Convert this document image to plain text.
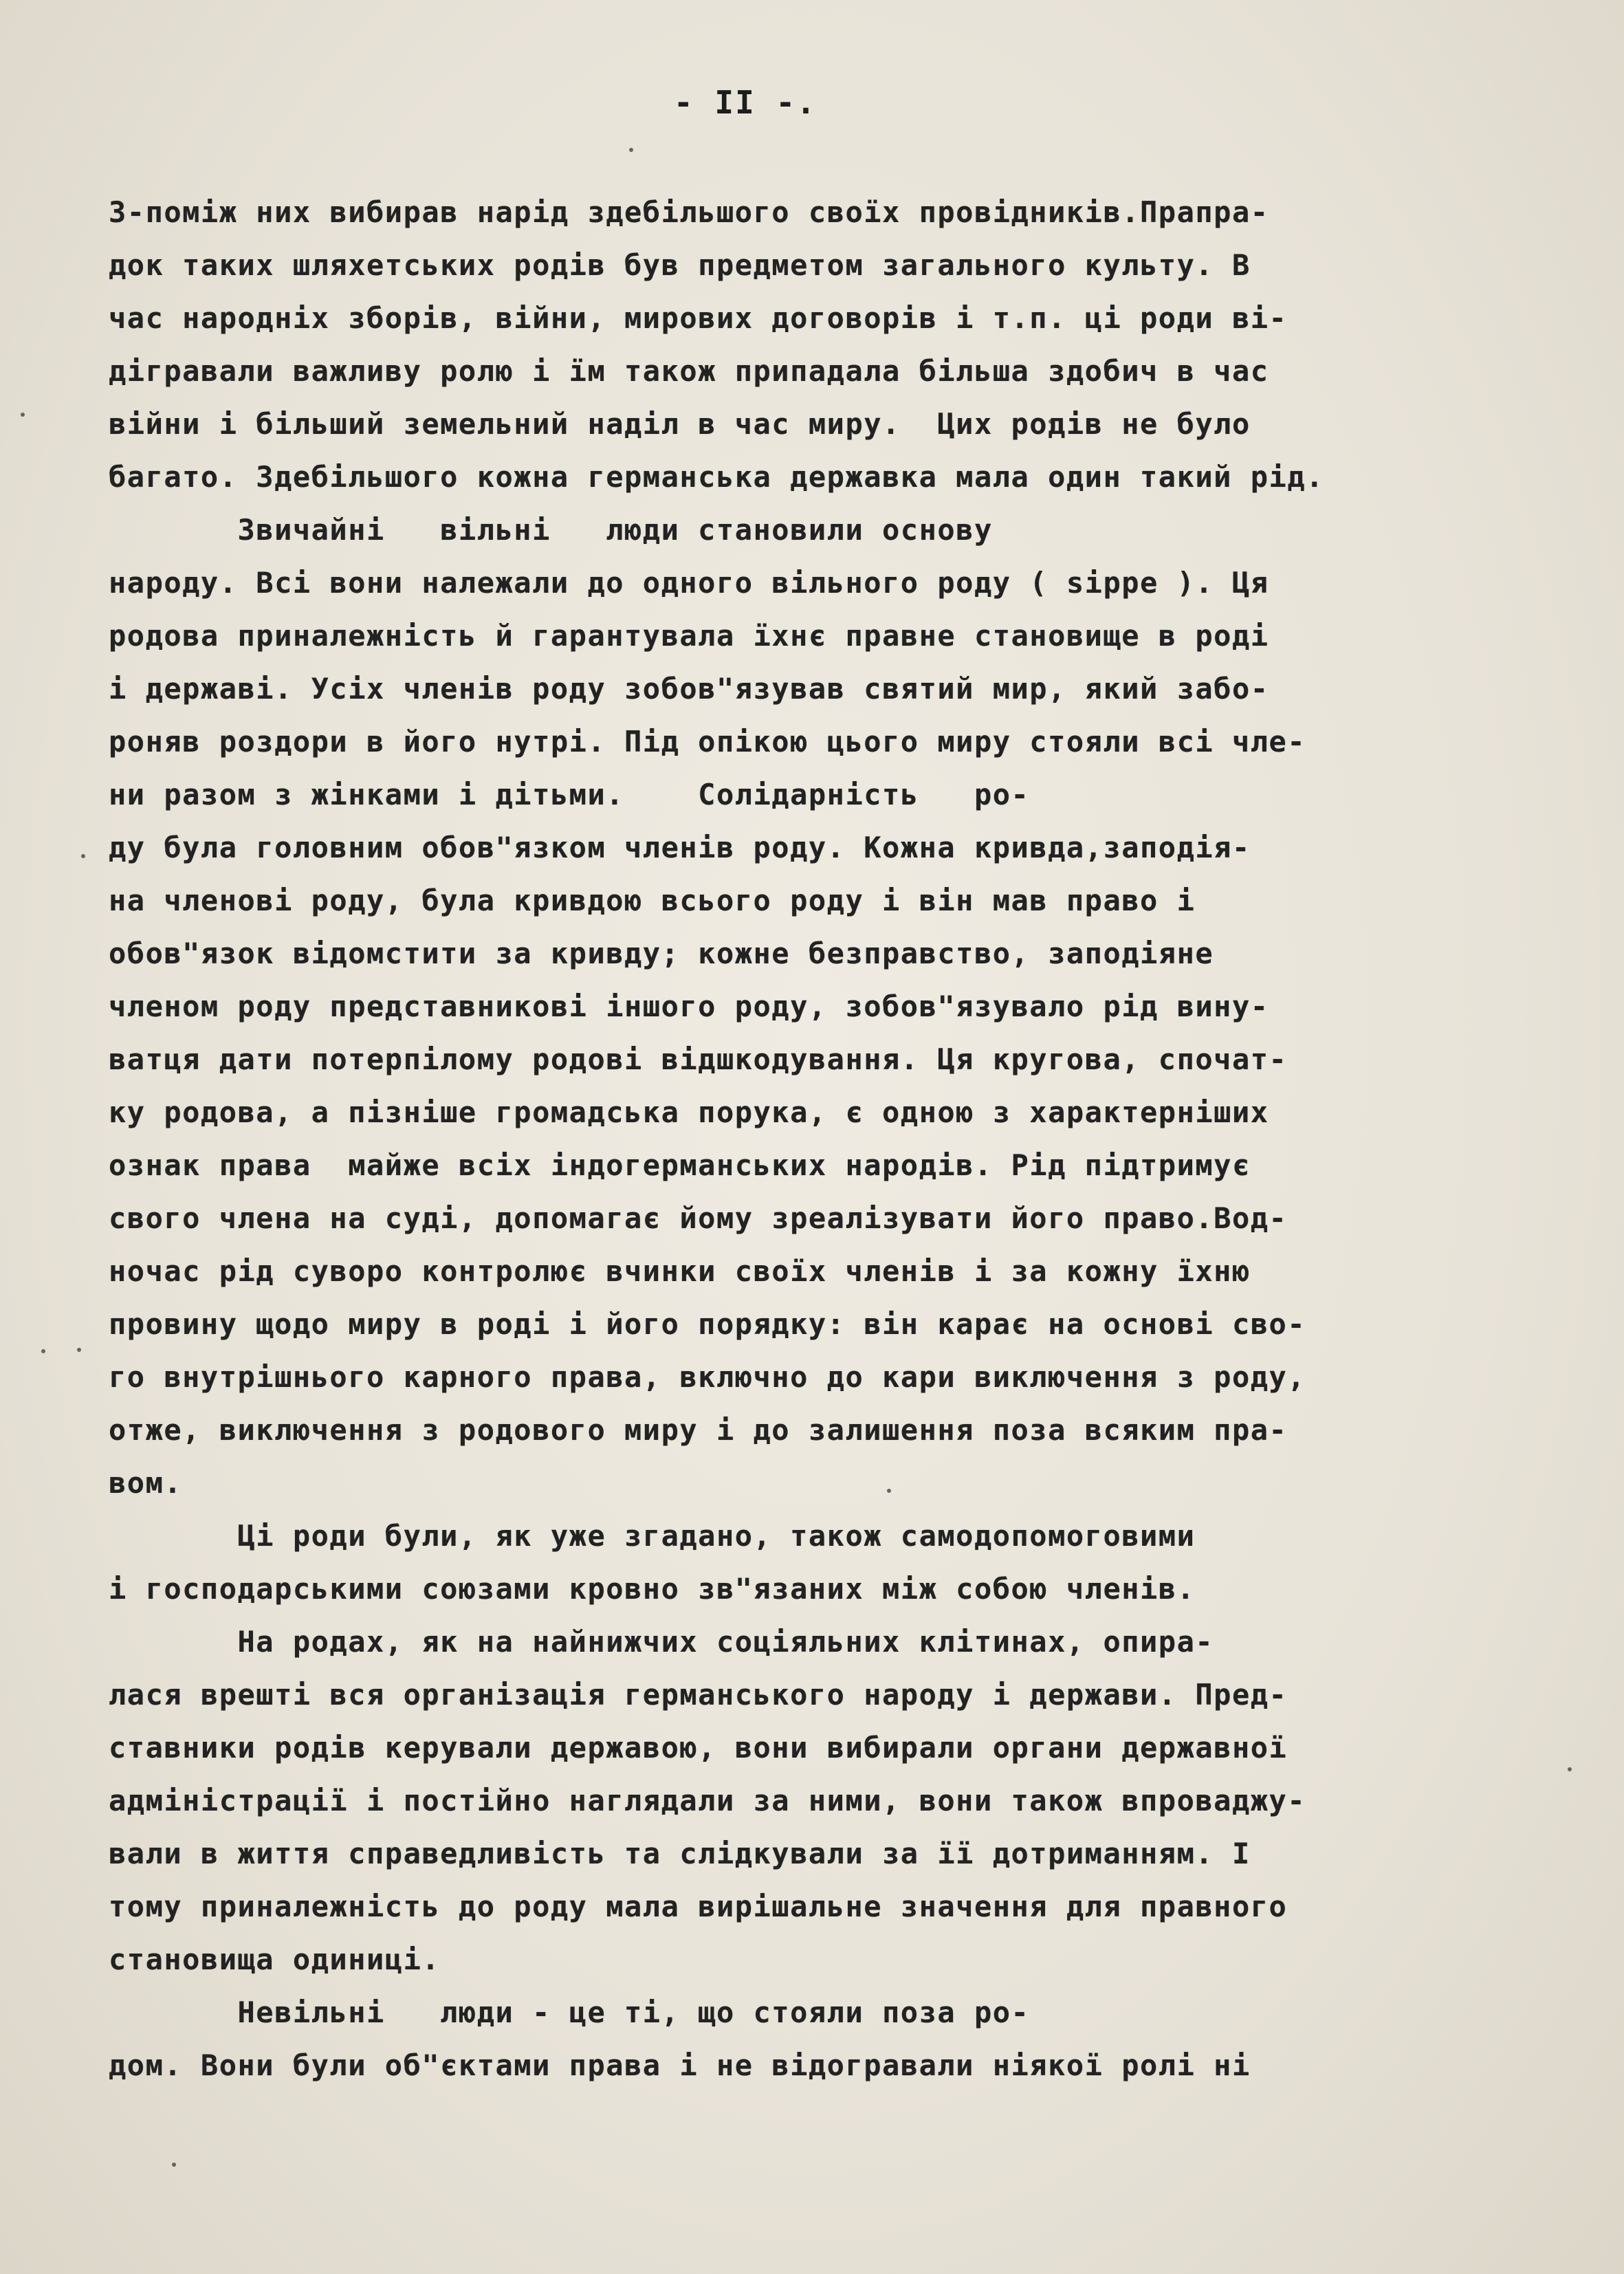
- II -.
З-поміж них вибирав нарід здебільшого своїх провідників.Прапра-
док таких шляхетських родів був предметом загального культу. В
час народніх зборів, війни, мирових договорів і т.п. ці роди ві-
дігравали важливу ролю і їм також припадала більша здобич в час
війни і більший земельний наділ в час миру.  Цих родів не було
багато. Здебільшого кожна германська державка мала один такий рід.
Звичайні   вільні   люди становили основу
народу. Всі вони належали до одного вільного роду ( sippe ). Ця
родова приналежність й гарантувала їхнє правне становище в роді
і державі. Усіх членів роду зобов"язував святий мир, який забо-
роняв роздори в його нутрі. Під опікою цього миру стояли всі чле-
ни разом з жінками і дітьми.    Солідарність   ро-
ду була головним обов"язком членів роду. Кожна кривда,заподія-
на членові роду, була кривдою всього роду і він мав право і
обов"язок відомстити за кривду; кожне безправство, заподіяне
членом роду представникові іншого роду, зобов"язувало рід вину-
ватця дати потерпілому родові відшкодування. Ця кругова, спочат-
ку родова, а пізніше громадська порука, є одною з характерніших
ознак права  майже всіх індогерманських народів. Рід підтримує
свого члена на суді, допомагає йому зреалізувати його право.Вод-
ночас рід суворо контролює вчинки своїх членів і за кожну їхню
провину щодо миру в роді і його порядку: він карає на основі сво-
го внутрішнього карного права, включно до кари виключення з роду,
отже, виключення з родового миру і до залишення поза всяким пра-
вом.
Ці роди були, як уже згадано, також самодопомоговими
і господарськими союзами кровно зв"язаних між собою членів.
На родах, як на найнижчих соціяльних клітинах, опира-
лася врешті вся організація германського народу і держави. Пред-
ставники родів керували державою, вони вибирали органи державної
адміністрації і постійно наглядали за ними, вони також впроваджу-
вали в життя справедливість та слідкували за її дотриманням. І
тому приналежність до роду мала вирішальне значення для правного
становища одиниці.
Невільні   люди - це ті, що стояли поза ро-
дом. Вони були об"єктами права і не відогравали ніякої ролі ні
